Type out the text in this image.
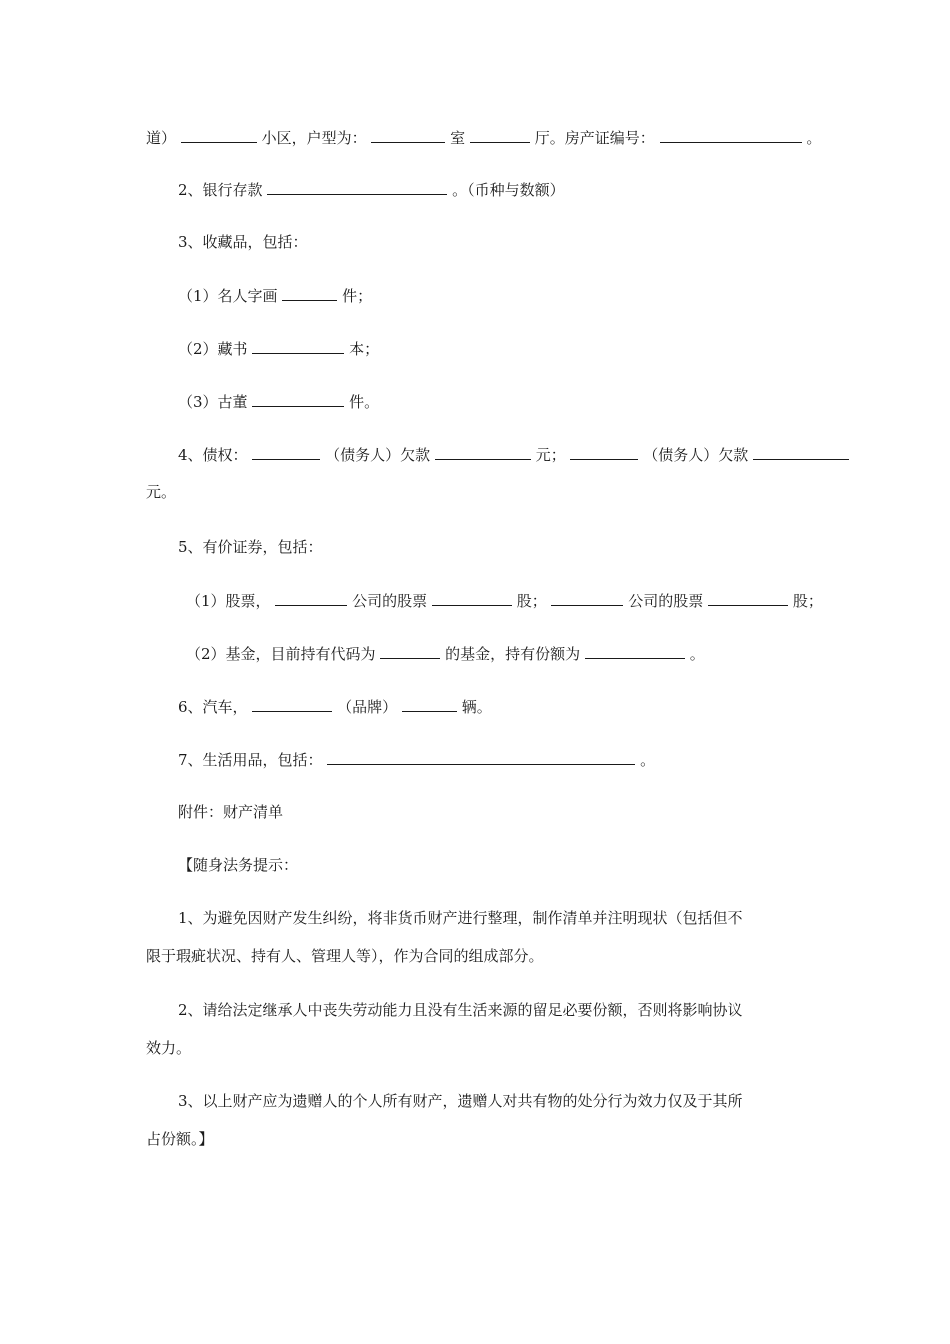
道）	小区，户型为：	室	厅。房产证编号：	。
2、银行存款	。（币种与数额）
3、收藏品，包括：
（1）名人字画	件；
（2）藏书	本；
（3）古董	件。
4、债权：	（债务人）欠款	元；	（债务人）欠款
元。
5、有价证券，包括：
（1）股票，	公司的股票	股；	公司的股票	股；
（2）基金，目前持有代码为	的基金，持有份额为	。
6、汽车，	（品牌）	辆。
7、生活用品，包括：	。
附件：财产清单
【随身法务提示：
1、为避免因财产发生纠纷，将非货币财产进行整理，制作清单并注明现状（包括但不
限于瑕疵状况、持有人、管理人等），作为合同的组成部分。
2、请给法定继承人中丧失劳动能力且没有生活来源的留足必要份额，否则将影响协议
效力。
3、以上财产应为遗赠人的个人所有财产，遗赠人对共有物的处分行为效力仅及于其所
占份额。】
